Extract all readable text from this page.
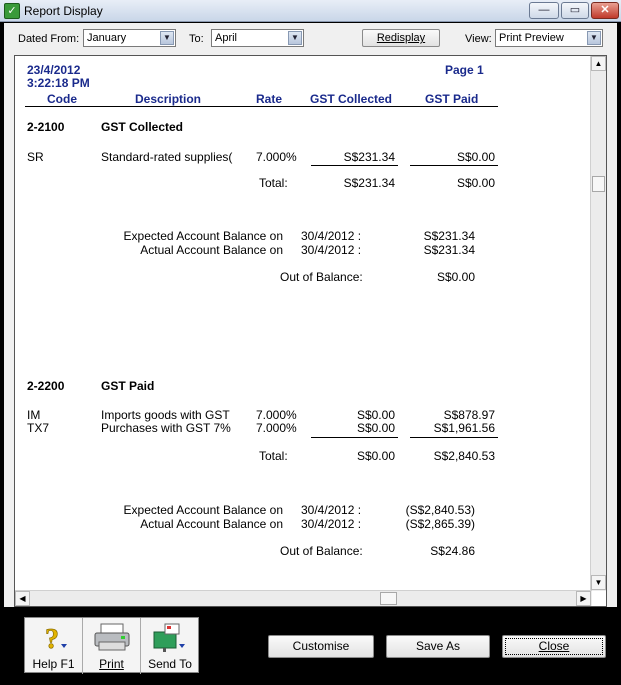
✓ Report Display	—	▭	✕
Dated From: January	▼ To:	April	▼	Redisplay	View: Print Preview	▼
23/4/2012
3:22:18 PM
Page 1
Code	Description	Rate GST Collected	GST Paid
2-2100	GST Collected
SR	Standard-rated supplies( 7.000%	S$231.34	S$0.00
Total:	S$231.34	S$0.00
Expected Account Balance on 30/4/2012 :	S$231.34
Actual Account Balance on 30/4/2012 :	S$231.34
Out of Balance:	S$0.00
2-2200	GST Paid
IM	Imports goods with GST 7.000%	S$0.00	S$878.97
TX7	Purchases with GST 7% 7.000%	S$0.00	S$1,961.56
Total:	S$0.00	S$2,840.53
Expected Account Balance on 30/4/2012 :	(S$2,840.53)
Actual Account Balance on 30/4/2012 :	(S$2,865.39)
Out of Balance:	S$24.86
▲
▼
◀	▶
?
Help F1	Print	Send To
Customise	Save As	Close
